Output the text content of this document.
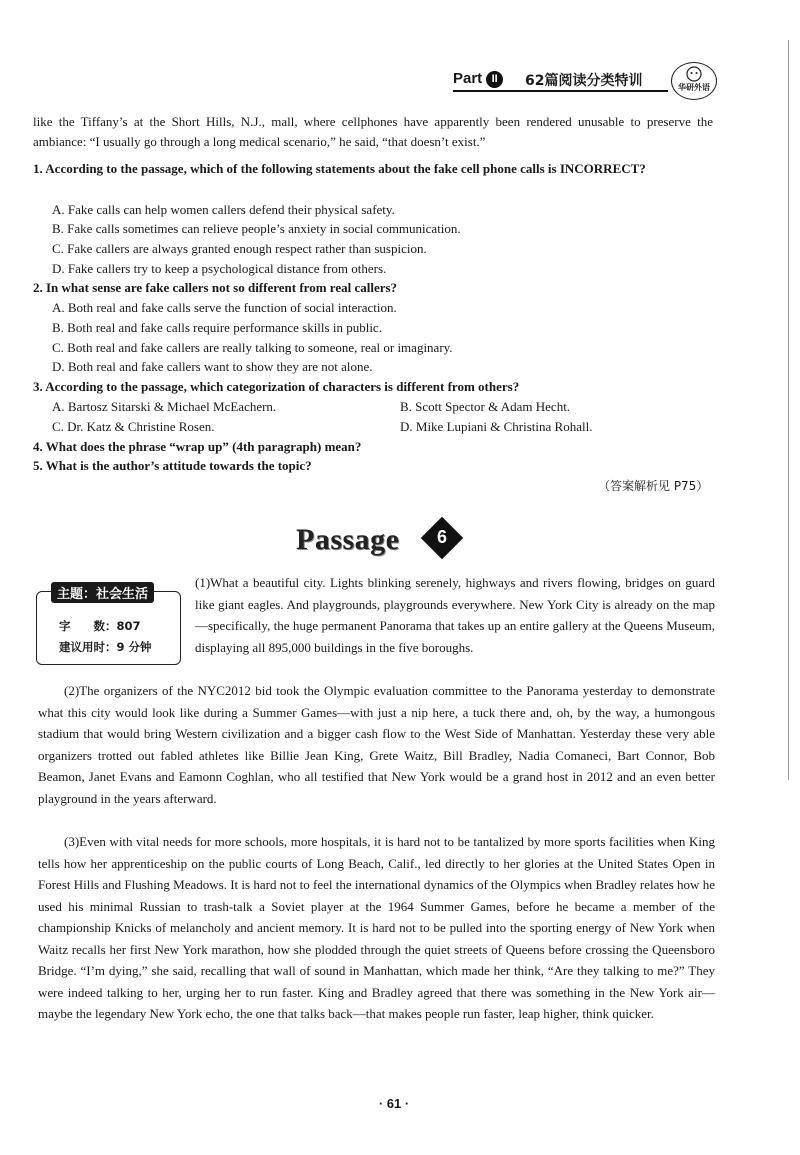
Part II	62篇阅读分类特训	华研外语
like the Tiffany’s at the Short Hills, N.J., mall, where cellphones have apparently been rendered unusable to preserve the ambiance: “I usually go through a long medical scenario,” he said, “that doesn’t exist.”
1. According to the passage, which of the following statements about the fake cell phone calls is INCORRECT?
A. Fake calls can help women callers defend their physical safety.
B. Fake calls sometimes can relieve people’s anxiety in social communication.
C. Fake callers are always granted enough respect rather than suspicion.
D. Fake callers try to keep a psychological distance from others.
2. In what sense are fake callers not so different from real callers?
A. Both real and fake calls serve the function of social interaction.
B. Both real and fake calls require performance skills in public.
C. Both real and fake callers are really talking to someone, real or imaginary.
D. Both real and fake callers want to show they are not alone.
3. According to the passage, which categorization of characters is different from others?
A. Bartosz Sitarski & Michael McEachern.	B. Scott Spector & Adam Hecht.
C. Dr. Katz & Christine Rosen.	D. Mike Lupiani & Christina Rohall.
4. What does the phrase “wrap up” (4th paragraph) mean?
5. What is the author’s attitude towards the topic?
（答案解析见 P75）
Passage	6
主题：社会生活
字　　数：807
建议用时：9 分钟
(1)What a beautiful city. Lights blinking serenely, highways and rivers flowing, bridges on guard like giant eagles. And playgrounds, playgrounds everywhere. New York City is already on the map—specifically, the huge permanent Panorama that takes up an entire gallery at the Queens Museum, displaying all 895,000 buildings in the five boroughs.
(2)The organizers of the NYC2012 bid took the Olympic evaluation committee to the Panorama yesterday to demonstrate what this city would look like during a Summer Games—with just a nip here, a tuck there and, oh, by the way, a humongous stadium that would bring Western civilization and a bigger cash flow to the West Side of Manhattan. Yesterday these very able organizers trotted out fabled athletes like Billie Jean King, Grete Waitz, Bill Bradley, Nadia Comaneci, Bart Connor, Bob Beamon, Janet Evans and Eamonn Coghlan, who all testified that New York would be a grand host in 2012 and an even better playground in the years afterward.
(3)Even with vital needs for more schools, more hospitals, it is hard not to be tantalized by more sports facilities when King tells how her apprenticeship on the public courts of Long Beach, Calif., led directly to her glories at the United States Open in Forest Hills and Flushing Meadows. It is hard not to feel the international dynamics of the Olympics when Bradley relates how he used his minimal Russian to trash-talk a Soviet player at the 1964 Summer Games, before he became a member of the championship Knicks of melancholy and ancient memory. It is hard not to be pulled into the sporting energy of New York when Waitz recalls her first New York marathon, how she plodded through the quiet streets of Queens before crossing the Queensboro Bridge. “I’m dying,” she said, recalling that wall of sound in Manhattan, which made her think, “Are they talking to me?” They were indeed talking to her, urging her to run faster. King and Bradley agreed that there was something in the New York air—maybe the legendary New York echo, the one that talks back—that makes people run faster, leap higher, think quicker.
· 61 ·
